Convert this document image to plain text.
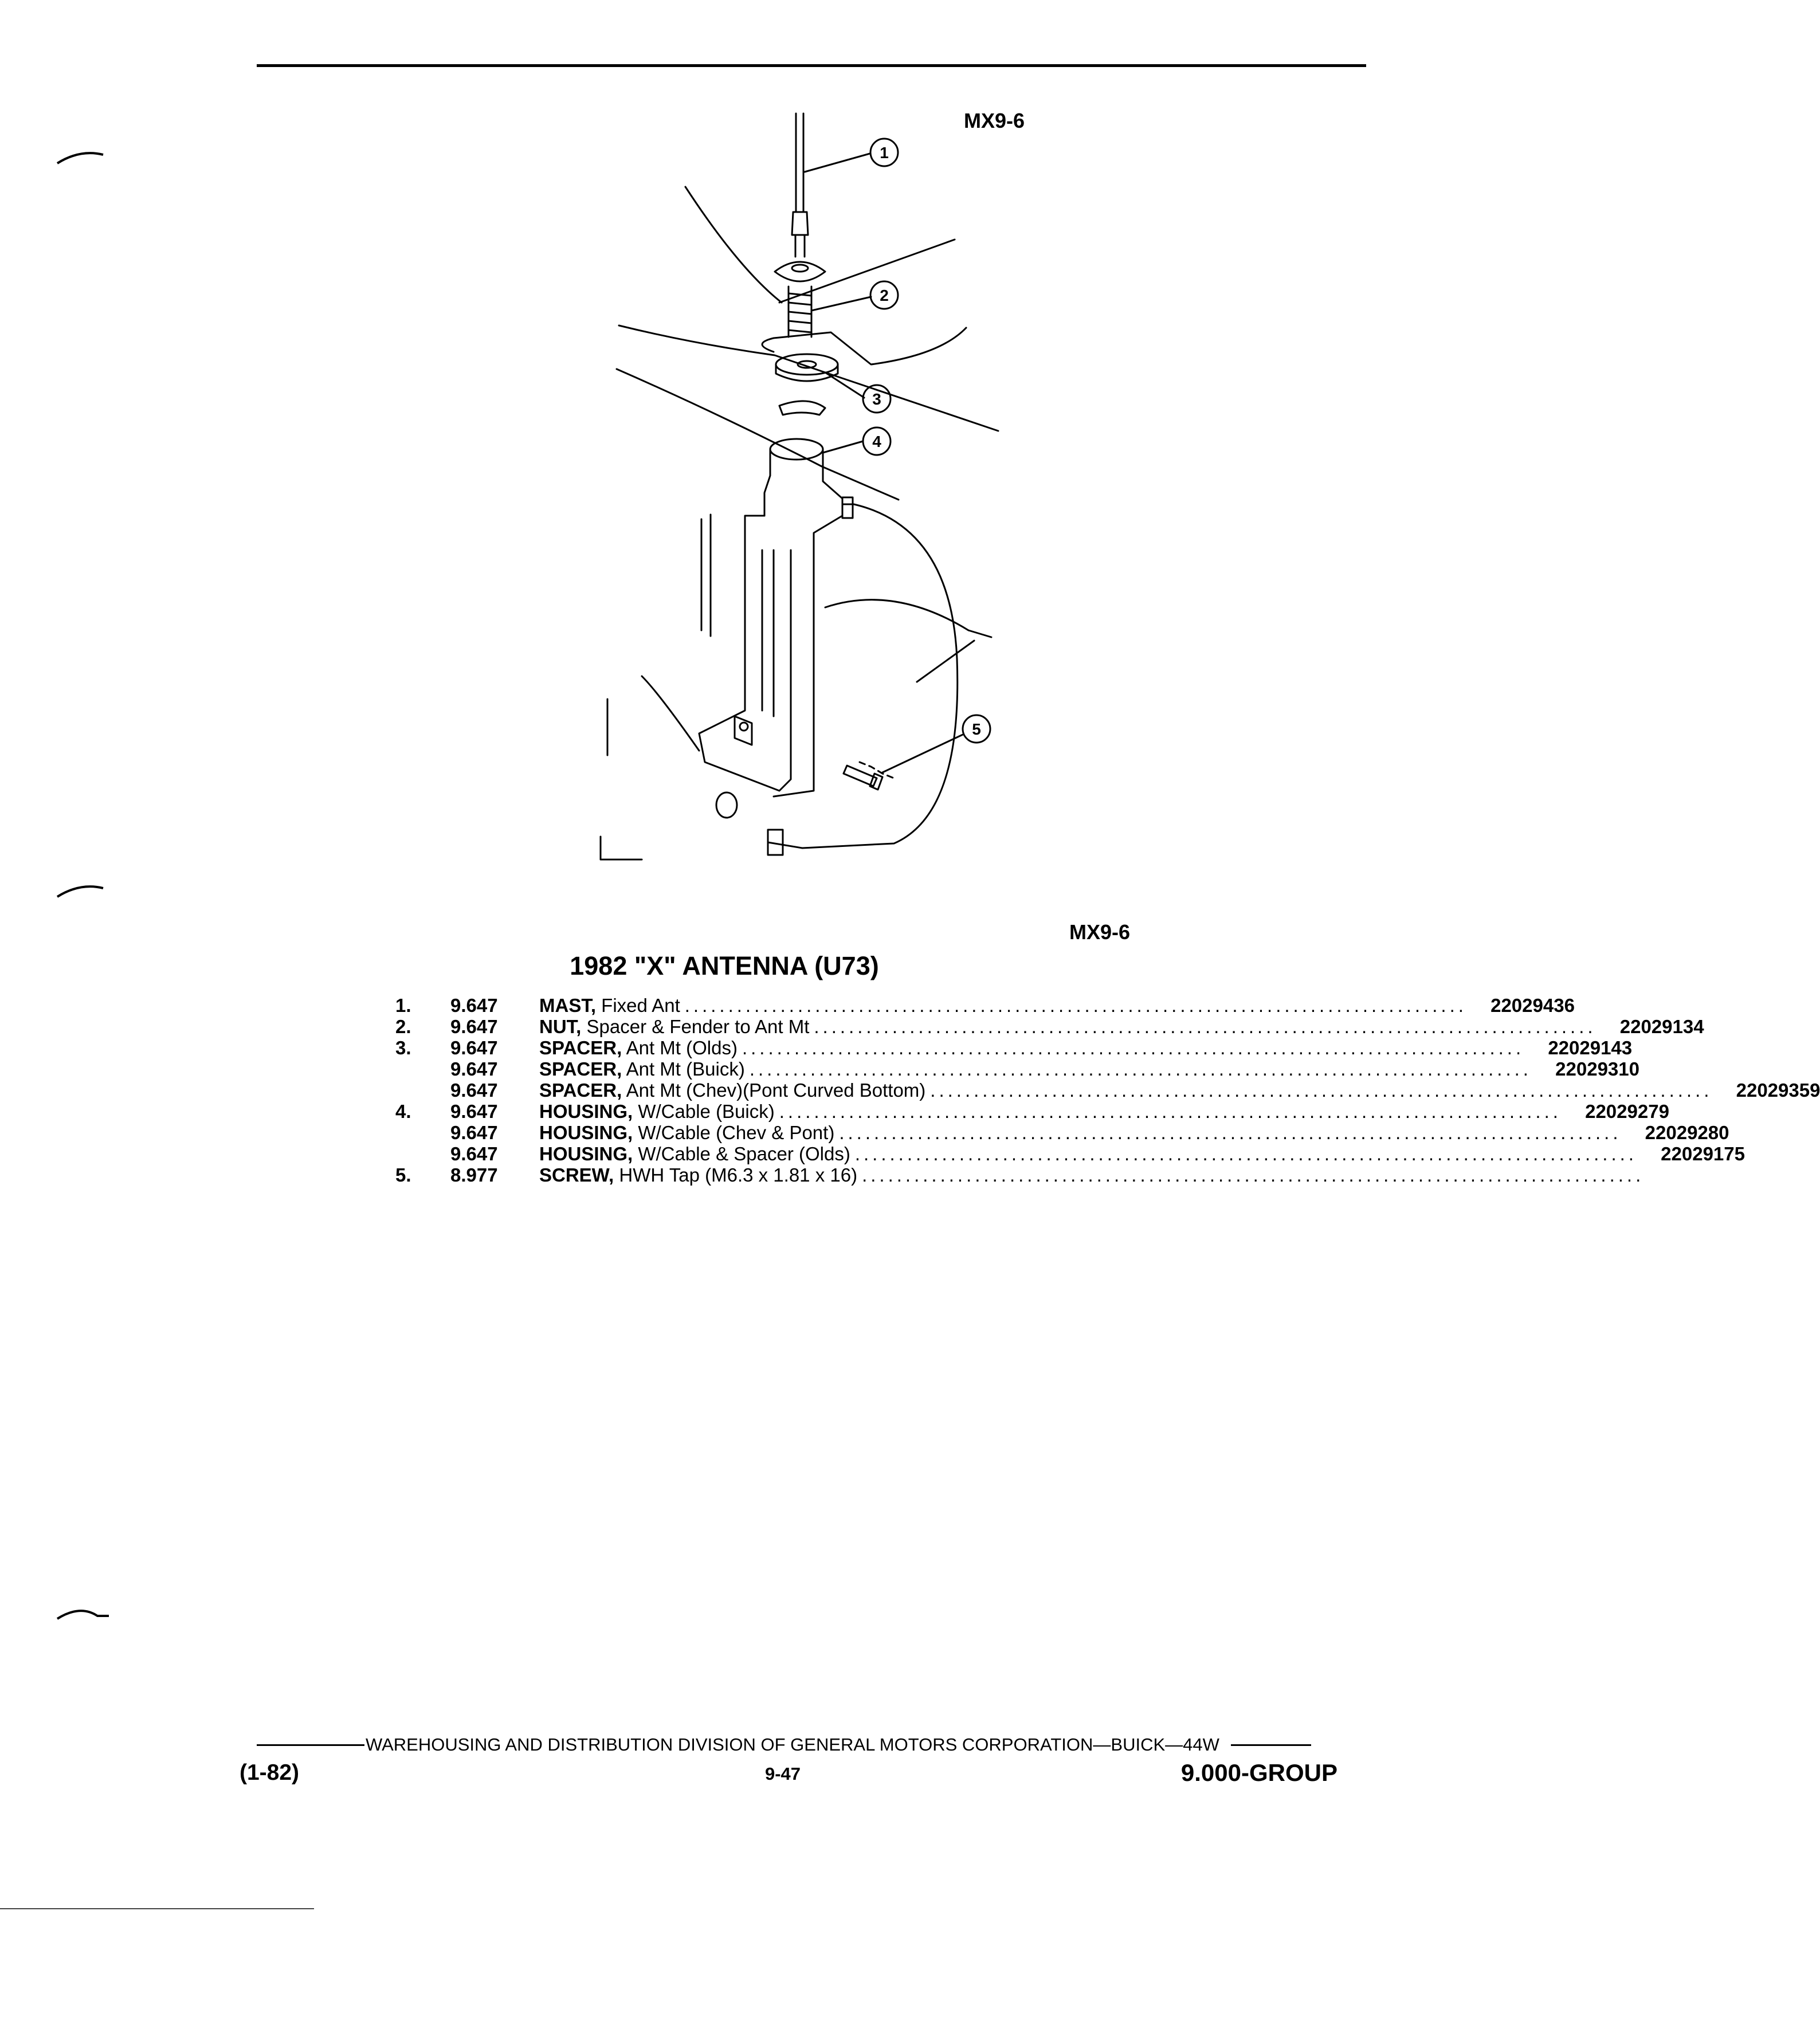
MX9-6
1
2
3
4
5
MX9-6
1982 "X" ANTENNA (U73)
1. 9.647 MAST, Fixed Ant ..........................................................................................	22029436
2. 9.647 NUT, Spacer & Fender to Ant Mt ..........................................................................................	22029134
3. 9.647 SPACER, Ant Mt (Olds) ..........................................................................................	22029143
9.647 SPACER, Ant Mt (Buick) ..........................................................................................	22029310
9.647 SPACER, Ant Mt (Chev)(Pont Curved Bottom) ..........................................................................................	22029359
4. 9.647 HOUSING, W/Cable (Buick) ..........................................................................................	22029279
9.647 HOUSING, W/Cable (Chev & Pont) ..........................................................................................	22029280
9.647 HOUSING, W/Cable & Spacer (Olds) ..........................................................................................	22029175
5. 8.977 SCREW, HWH Tap (M6.3 x 1.81 x 16) ..........................................................................................
WAREHOUSING AND DISTRIBUTION DIVISION OF GENERAL MOTORS CORPORATION—BUICK—44W
(1-82)	9-47	9.000-GROUP
